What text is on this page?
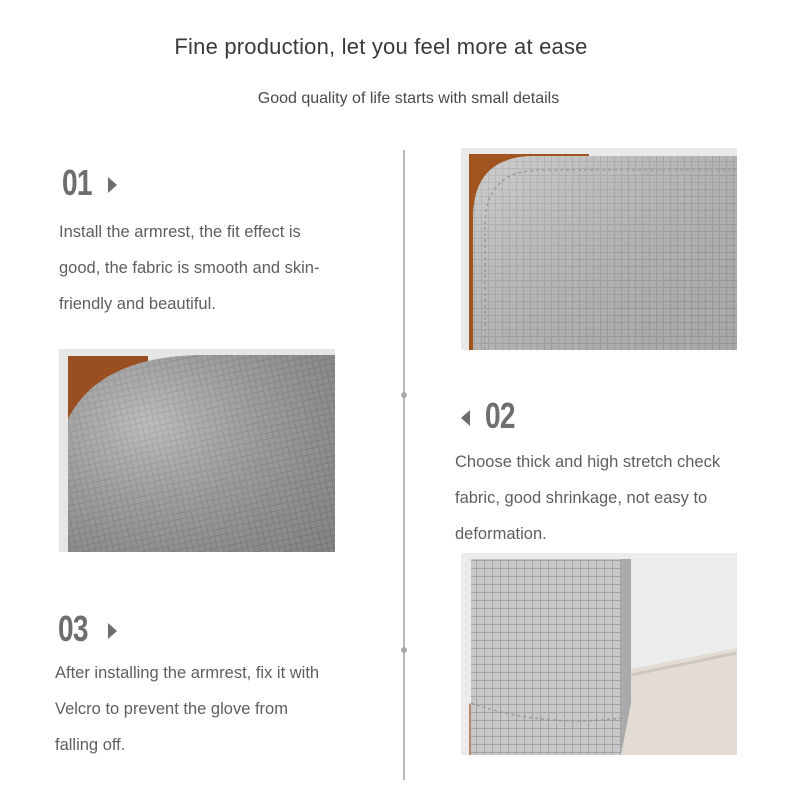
Fine production, let you feel more at ease
Good quality of life starts with small details
01
Install the armrest, the fit effect is
good, the fabric is smooth and skin-
friendly and beautiful.
02
Choose thick and high stretch check
fabric, good shrinkage, not easy to
deformation.
03
After installing the armrest, fix it with
Velcro to prevent the glove from
falling off.
